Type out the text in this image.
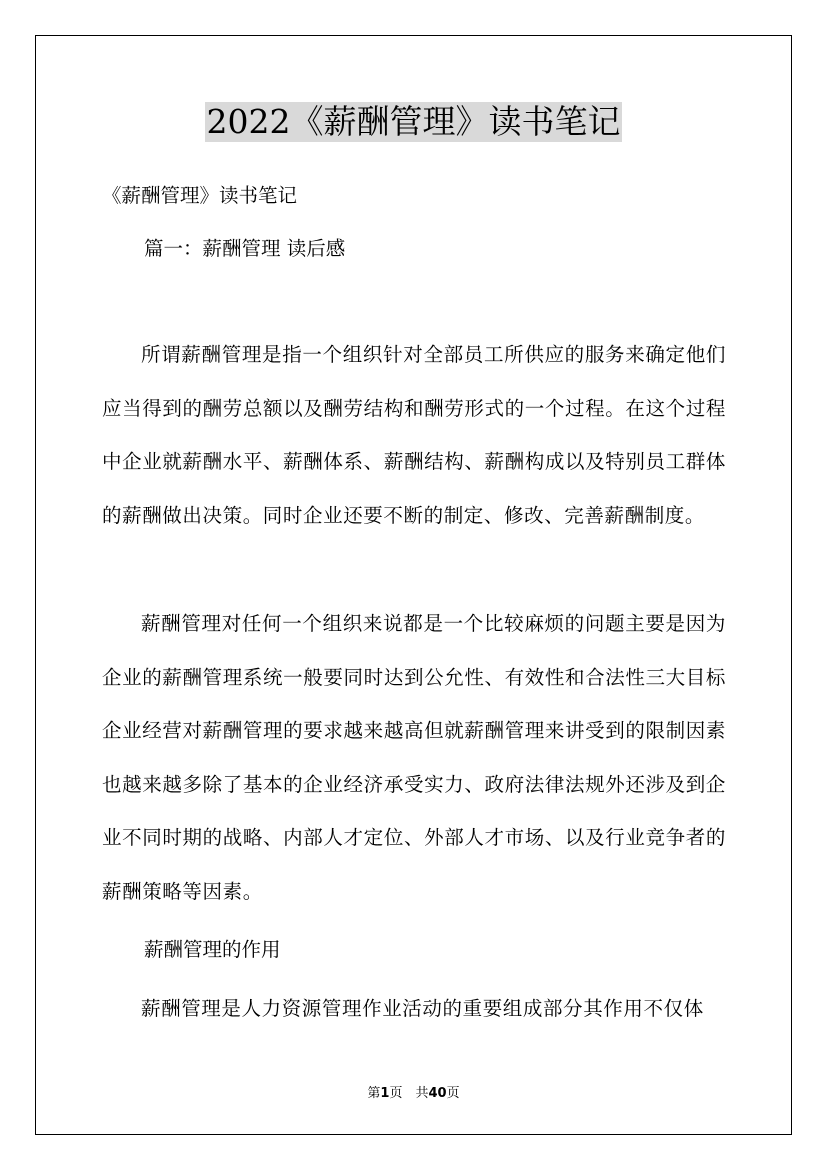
2022《薪酬管理》读书笔记
《薪酬管理》读书笔记
篇一：薪酬管理 读后感
所谓薪酬管理是指一个组织针对全部员工所供应的服务来确定他们应当得到的酬劳总额以及酬劳结构和酬劳形式的一个过程。在这个过程中企业就薪酬水平、薪酬体系、薪酬结构、薪酬构成以及特别员工群体的薪酬做出决策。同时企业还要不断的制定、修改、完善薪酬制度。
薪酬管理对任何一个组织来说都是一个比较麻烦的问题主要是因为企业的薪酬管理系统一般要同时达到公允性、有效性和合法性三大目标企业经营对薪酬管理的要求越来越高但就薪酬管理来讲受到的限制因素也越来越多除了基本的企业经济承受实力、政府法律法规外还涉及到企业不同时期的战略、内部人才定位、外部人才市场、以及行业竞争者的薪酬策略等因素。
薪酬管理的作用
薪酬管理是人力资源管理作业活动的重要组成部分其作用不仅体
第1页　共40页
